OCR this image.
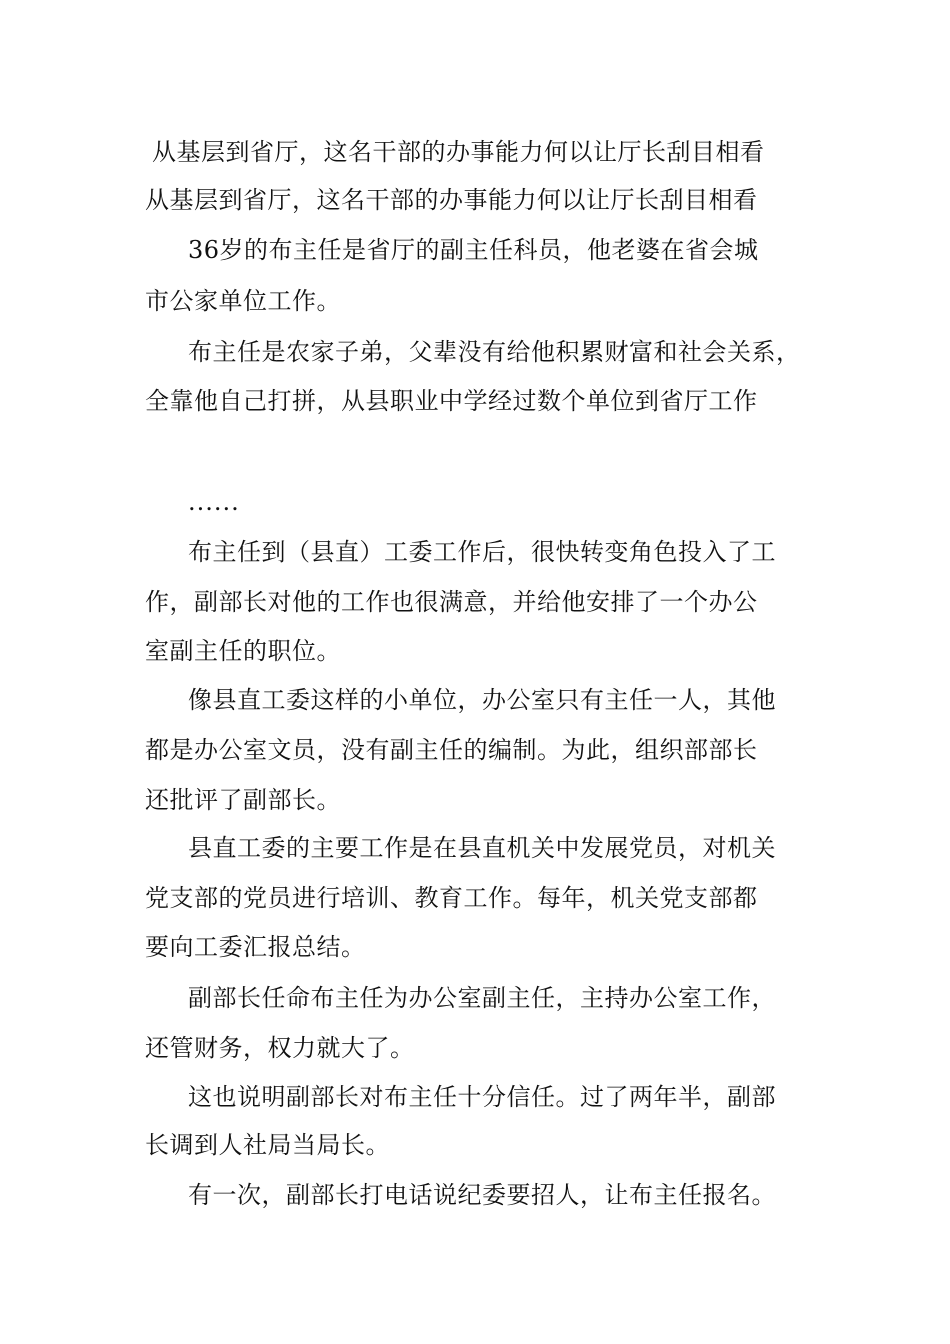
从基层到省厅，这名干部的办事能力何以让厅长刮目相看
从基层到省厅，这名干部的办事能力何以让厅长刮目相看
36岁的布主任是省厅的副主任科员，他老婆在省会城
市公家单位工作。
布主任是农家子弟，父辈没有给他积累财富和社会关系，
全靠他自己打拼，从县职业中学经过数个单位到省厅工作
......
布主任到（县直）工委工作后，很快转变角色投入了工
作，副部长对他的工作也很满意，并给他安排了一个办公
室副主任的职位。
像县直工委这样的小单位，办公室只有主任一人，其他
都是办公室文员，没有副主任的编制。为此，组织部部长
还批评了副部长。
县直工委的主要工作是在县直机关中发展党员，对机关
党支部的党员进行培训、教育工作。每年，机关党支部都
要向工委汇报总结。
副部长任命布主任为办公室副主任，主持办公室工作，
还管财务，权力就大了。
这也说明副部长对布主任十分信任。过了两年半，副部
长调到人社局当局长。
有一次，副部长打电话说纪委要招人，让布主任报名。
